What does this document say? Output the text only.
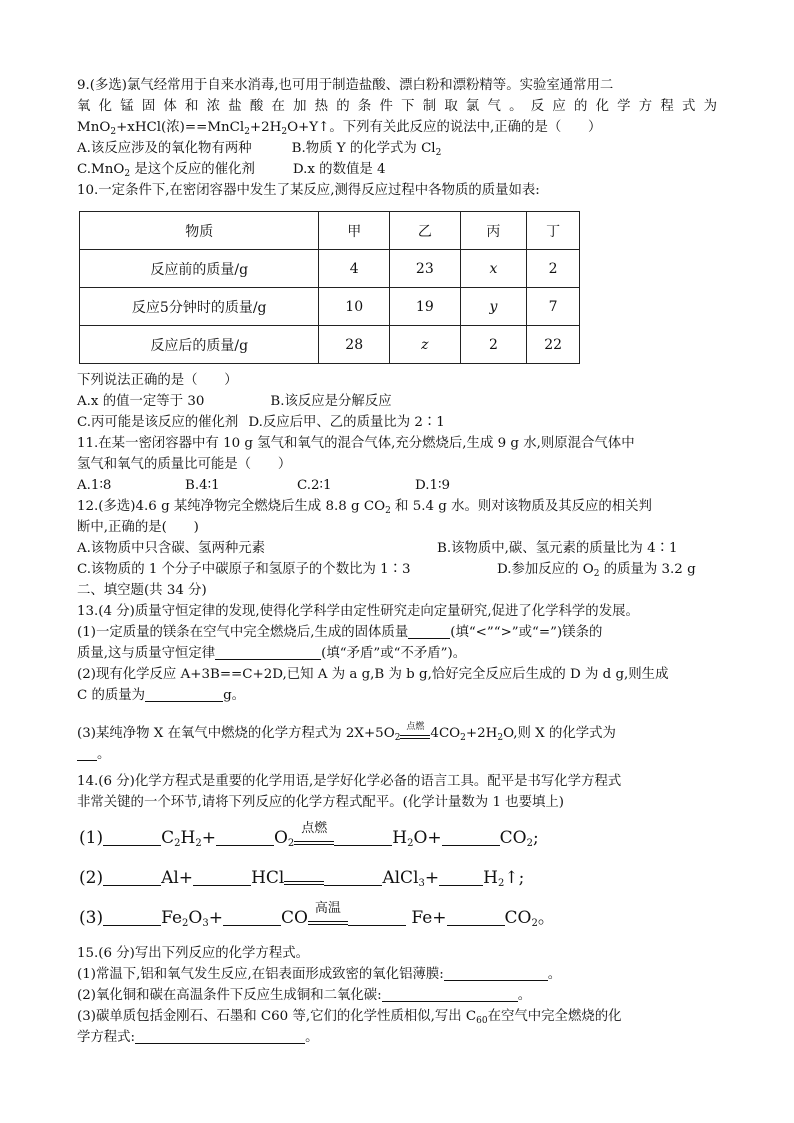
9.(多选)氯气经常用于自来水消毒,也可用于制造盐酸、漂白粉和漂粉精等。实验室通常用二
氧化锰固体和浓盐酸在加热的条件下制取氯气。反应的化学方程式为
MnO$_2$+xHCl(浓)$==MnCl_2+2H_2O+Y↑$。下列有关此反应的说法中,正确的是（　　）
A.该反应涉及的氧化物有两种	B.物质 Y 的化学式为 $Cl_2$
C.MnO$_2$ 是这个反应的催化剂	D.x 的数值是 4
10.一定条件下,在密闭容器中发生了某反应,测得反应过程中各物质的质量如表:
物质	甲	乙	丙	丁
反应前的质量/g	4	23	x	2
反应5分钟时的质量/g	10	19	y	7
反应后的质量/g	28	z	2	22
下列说法正确的是（　　）
A.x 的值一定等于 30	B.该反应是分解反应
C.丙可能是该反应的催化剂 D.反应后甲、乙的质量比为 2∶1
11.在某一密闭容器中有 10 g 氢气和氧气的混合气体,充分燃烧后,生成 9 g 水,则原混合气体中
氢气和氧气的质量比可能是（　　）
A.1∶8	B.4∶1	C.2∶1	D.1∶9
12.(多选)4.6 g 某纯净物完全燃烧后生成 8.8 g $CO_2$ 和 5.4 g 水。则对该物质及其反应的相关判
断中,正确的是(　　)
A.该物质中只含碳、氢两种元素	B.该物质中,碳、氢元素的质量比为 4∶1
C.该物质的 1 个分子中碳原子和氢原子的个数比为 1∶3	D.参加反应的 $O_2$ 的质量为 3.2 g
二、填空题(共 34 分)
13.(4 分)质量守恒定律的发现,使得化学科学由定性研究走向定量研究,促进了化学科学的发展。
(1)一定质量的镁条在空气中完全燃烧后,生成的固体质量	(填“<”“>”或“=”)镁条的
质量,这与质量守恒定律	(填“矛盾”或“不矛盾”)。
(2)现有化学反应 A+3B==C+2D,已知 A 为 a g,B 为 b g,恰好完全反应后生成的 D 为 d g,则生成
C 的质量为	g。
(3)某纯净物 X 在氧气中燃烧的化学方程式为 $2X+5O_2$
点燃 $4CO_2+2H_2O$,则 X 的化学式为
。
14.(6 分)化学方程式是重要的化学用语,是学好化学必备的语言工具。配平是书写化学方程式
非常关键的一个环节,请将下列反应的化学方程式配平。(化学计量数为 1 也要填上)
(1)	$C_2H_2+$	$O_2$
点燃	$H_2O+$	$CO_2$;
(2)	Al+	HCl	AlCl$_3$+	$H_2↑$;
(3)	$Fe_2O_3+$	CO 高温	Fe+	$CO_2$。
15.(6 分)写出下列反应的化学方程式。
(1)常温下,铝和氧气发生反应,在铝表面形成致密的氧化铝薄膜:	。
(2)氧化铜和碳在高温条件下反应生成铜和二氧化碳:	。
(3)碳单质包括金刚石、石墨和 C60 等,它们的化学性质相似,写出 $C_{60}$在空气中完全燃烧的化
学方程式:	。
